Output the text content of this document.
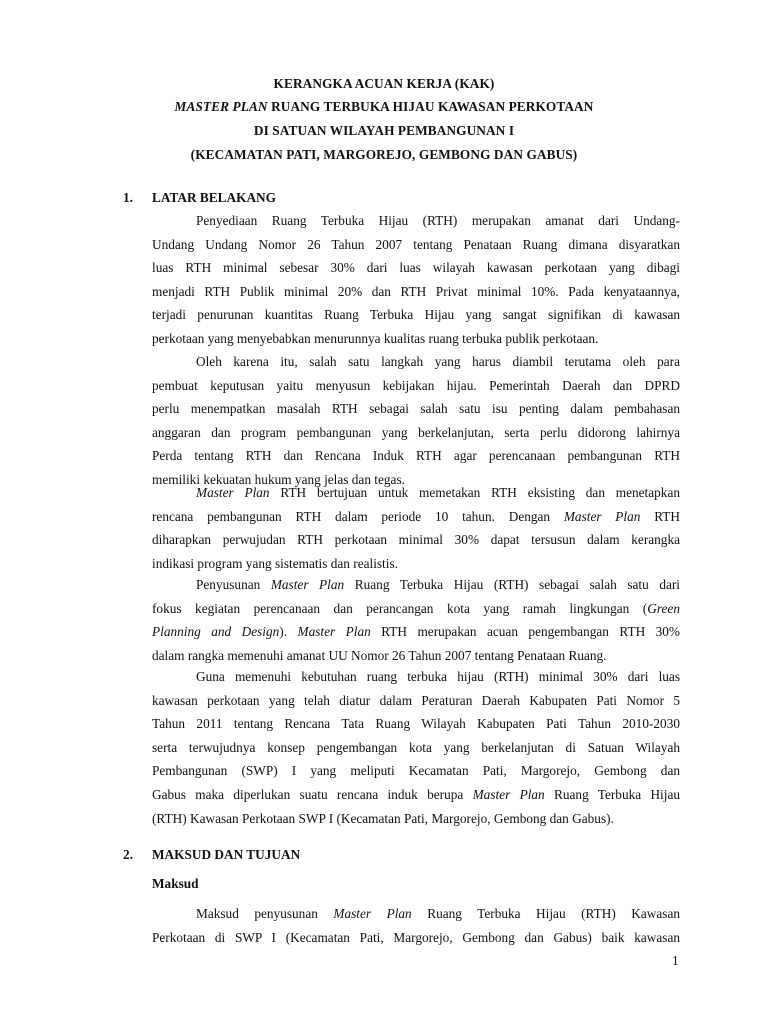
KERANGKA ACUAN KERJA (KAK)
MASTER PLAN RUANG TERBUKA HIJAU KAWASAN PERKOTAAN
DI SATUAN WILAYAH PEMBANGUNAN I
(KECAMATAN PATI, MARGOREJO, GEMBONG DAN GABUS)
1. LATAR BELAKANG
Penyediaan Ruang Terbuka Hijau (RTH) merupakan amanat dari Undang-
Undang Undang Nomor 26 Tahun 2007 tentang Penataan Ruang dimana disyaratkan
luas RTH minimal sebesar 30% dari luas wilayah kawasan perkotaan yang dibagi
menjadi RTH Publik minimal 20% dan RTH Privat minimal 10%. Pada kenyataannya,
terjadi penurunan kuantitas Ruang Terbuka Hijau yang sangat signifikan di kawasan
perkotaan yang menyebabkan menurunnya kualitas ruang terbuka publik perkotaan.
Oleh karena itu, salah satu langkah yang harus diambil terutama oleh para
pembuat keputusan yaitu menyusun kebijakan hijau. Pemerintah Daerah dan DPRD
perlu menempatkan masalah RTH sebagai salah satu isu penting dalam pembahasan
anggaran dan program pembangunan yang berkelanjutan, serta perlu didorong lahirnya
Perda tentang RTH dan Rencana Induk RTH agar perencanaan pembangunan RTH
memiliki kekuatan hukum yang jelas dan tegas.
Master Plan RTH bertujuan untuk memetakan RTH eksisting dan menetapkan
rencana pembangunan RTH dalam periode 10 tahun. Dengan Master Plan RTH
diharapkan perwujudan RTH perkotaan minimal 30% dapat tersusun dalam kerangka
indikasi program yang sistematis dan realistis.
Penyusunan Master Plan Ruang Terbuka Hijau (RTH) sebagai salah satu dari
fokus kegiatan perencanaan dan perancangan kota yang ramah lingkungan (Green
Planning and Design). Master Plan RTH merupakan acuan pengembangan RTH 30%
dalam rangka memenuhi amanat UU Nomor 26 Tahun 2007 tentang Penataan Ruang.
Guna memenuhi kebutuhan ruang terbuka hijau (RTH) minimal 30% dari luas
kawasan perkotaan yang telah diatur dalam Peraturan Daerah Kabupaten Pati Nomor 5
Tahun 2011 tentang Rencana Tata Ruang Wilayah Kabupaten Pati Tahun 2010-2030
serta terwujudnya konsep pengembangan kota yang berkelanjutan di Satuan Wilayah
Pembangunan (SWP) I yang meliputi Kecamatan Pati, Margorejo, Gembong dan
Gabus maka diperlukan suatu rencana induk berupa Master Plan Ruang Terbuka Hijau
(RTH) Kawasan Perkotaan SWP I (Kecamatan Pati, Margorejo, Gembong dan Gabus).
2. MAKSUD DAN TUJUAN
Maksud
Maksud penyusunan Master Plan Ruang Terbuka Hijau (RTH) Kawasan
Perkotaan di SWP I (Kecamatan Pati, Margorejo, Gembong dan Gabus) baik kawasan
1
